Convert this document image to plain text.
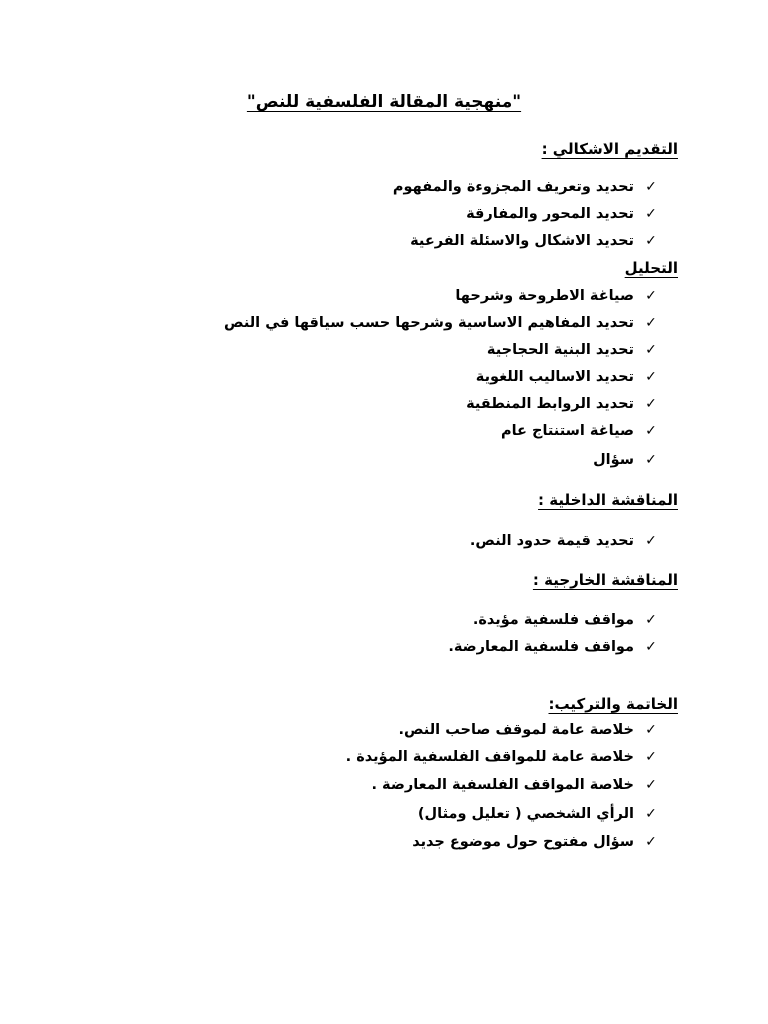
"منهجية المقالة الفلسفية للنص"
التقديم الاشكالي :
✓تحديد وتعريف المجزوءة والمفهوم
✓تحديد المحور والمفارقة
✓تحديد الاشكال والاسئلة الفرعية
التحليل
✓صياغة الاطروحة وشرحها
✓تحديد المفاهيم الاساسية وشرحها حسب سياقها في النص
✓تحديد البنية الحجاجية
✓تحديد الاساليب اللغوية
✓تحديد الروابط المنطقية
✓صياغة استنتاج عام
✓سؤال
المناقشة الداخلية :
✓تحديد قيمة حدود النص.
المناقشة الخارجية :
✓مواقف فلسفية مؤيدة.
✓مواقف فلسفية المعارضة.
الخاتمة والتركيب:
✓خلاصة عامة لموقف صاحب النص.
✓خلاصة عامة للمواقف الفلسفية المؤيدة .
✓خلاصة المواقف الفلسفية المعارضة .
✓الرأي الشخصي ( تعليل ومثال)
✓سؤال مفتوح حول موضوع جديد
